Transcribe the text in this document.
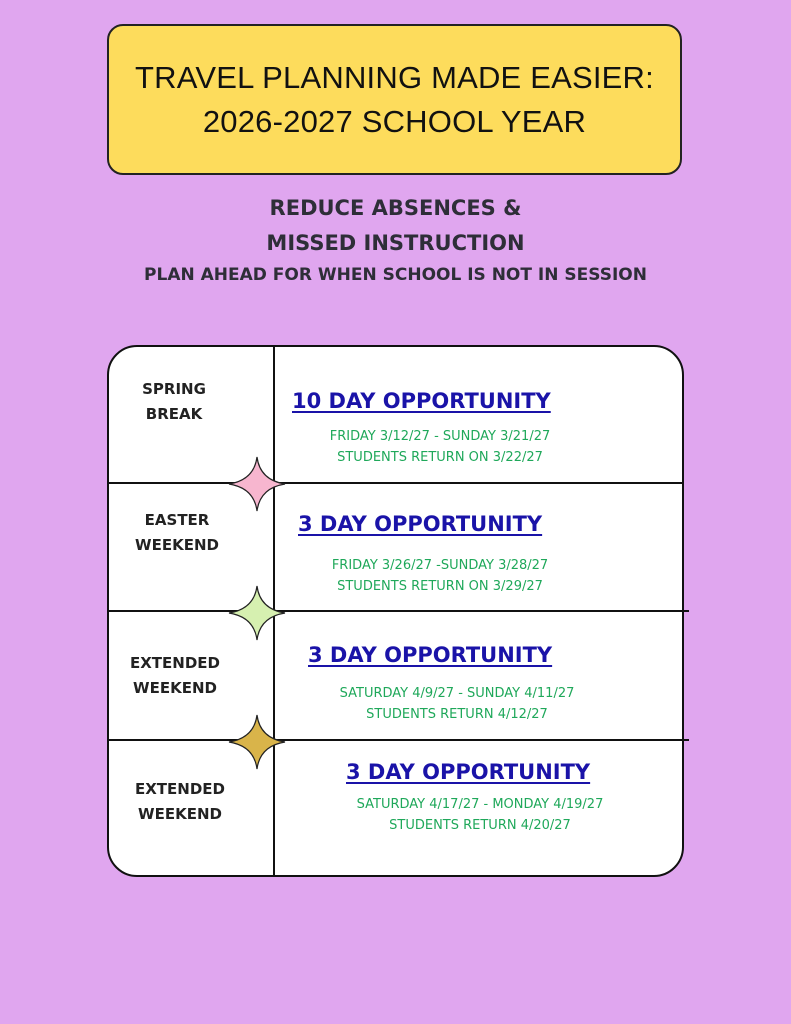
TRAVEL PLANNING MADE EASIER:
2026-2027 SCHOOL YEAR
REDUCE ABSENCES &
MISSED INSTRUCTION
PLAN AHEAD FOR WHEN SCHOOL IS NOT IN SESSION
SPRING
BREAK
10 DAY OPPORTUNITY
FRIDAY 3/12/27 - SUNDAY 3/21/27
STUDENTS RETURN ON 3/22/27
EASTER
WEEKEND
3 DAY OPPORTUNITY
FRIDAY 3/26/27 -SUNDAY 3/28/27
STUDENTS RETURN ON 3/29/27
EXTENDED
WEEKEND
3 DAY OPPORTUNITY
SATURDAY 4/9/27 - SUNDAY 4/11/27
STUDENTS RETURN 4/12/27
EXTENDED
WEEKEND
3 DAY OPPORTUNITY
SATURDAY 4/17/27 - MONDAY 4/19/27
STUDENTS RETURN 4/20/27
